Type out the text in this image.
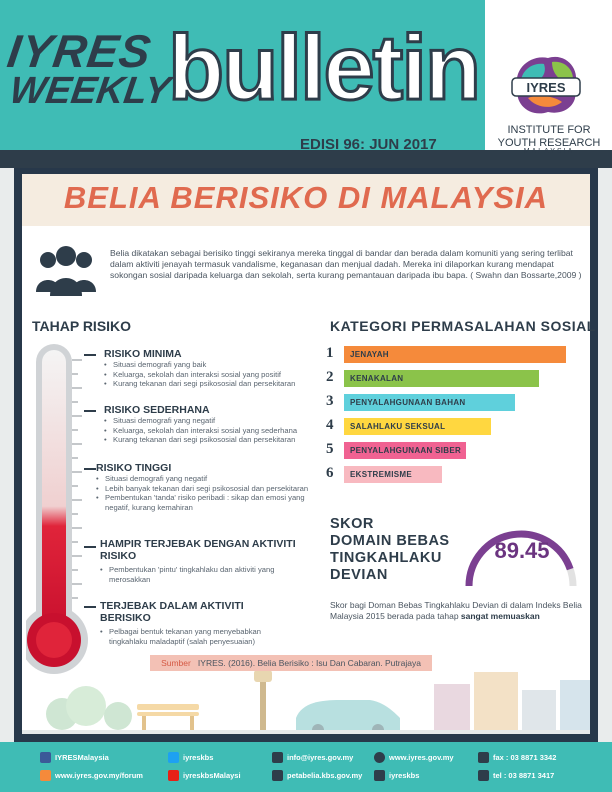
IYRES
WEEKLY
bulletin
EDISI 96: JUN 2017
IYRES
INSTITUTE FOR
YOUTH RESEARCH
MALAYSIA
BELIA BERISIKO DI MALAYSIA
Belia dikatakan sebagai berisiko tinggi sekiranya mereka tinggal di bandar dan berada dalam komuniti yang sering terlibat dalam aktiviti jenayah termasuk vandalisme, keganasan dan menjual dadah. Mereka ini dilaporkan kurang mendapat sokongan sosial daripada keluarga dan sekolah, serta kurang pemantauan daripada ibu bapa. ( Swahn dan Bossarte,2009 )
TAHAP RISIKO
RISIKO MINIMA
• Situasi demografi yang baik
• Keluarga, sekolah dan interaksi sosial yang positif
• Kurang tekanan dari segi psikososial dan persekitaran
RISIKO SEDERHANA
• Situasi demografi yang negatif
• Keluarga, sekolah dan interaksi sosial yang sederhana
• Kurang tekanan dari segi psikososial dan persekitaran
RISIKO TINGGI
• Situasi demografi yang negatif
• Lebih banyak tekanan dari segi psikososial dan persekitaran
• Pembentukan 'tanda' risiko peribadi : sikap dan emosi yang negatif, kurang kemahiran
HAMPIR TERJEBAK DENGAN AKTIVITI RISIKO
• Pembentukan 'pintu' tingkahlaku dan aktiviti yang merosakkan
TERJEBAK DALAM AKTIVITI BERISIKO
• Pelbagai bentuk tekanan yang menyebabkan tingkahlaku maladaptif (salah penyesuaian)
KATEGORI PERMASALAHAN SOSIAL
1 JENAYAH
2 KENAKALAN
3 PENYALAHGUNAAN BAHAN
4 SALAHLAKU SEKSUAL
5 PENYALAHGUNAAN SIBER
6 EKSTREMISME
SKOR
DOMAIN BEBAS
TINGKAHLAKU
DEVIAN
89.45
Skor bagi Doman Bebas Tingkahlaku Devian di dalam Indeks Belia Malaysia 2015 berada pada tahap sangat memuaskan
Sumber IYRES. (2016). Belia Berisiko : Isu Dan Cabaran. Putrajaya
IYRESMalaysia
www.iyres.gov.my/forum
iyreskbs
iyreskbsMalaysi
info@iyres.gov.my
petabelia.kbs.gov.my
www.iyres.gov.my
iyreskbs
fax : 03 8871 3342
tel : 03 8871 3417
